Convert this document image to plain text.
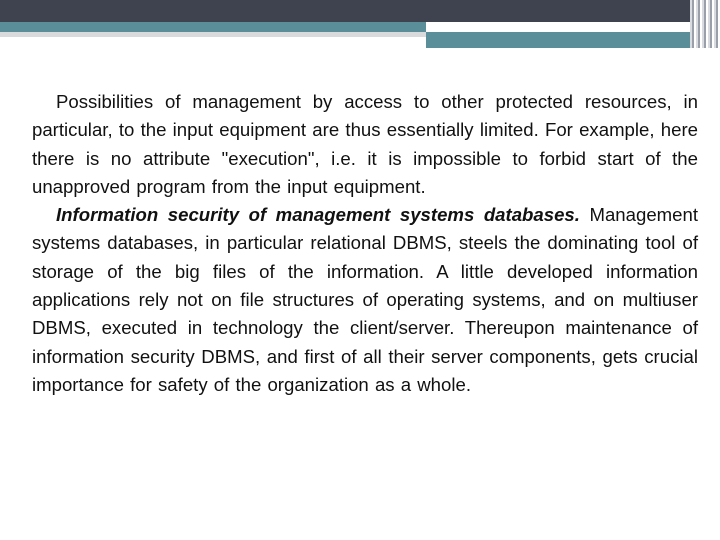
Possibilities of management by access to other protected resources, in particular, to the input equipment are thus essentially limited. For example, here there is no attribute "execution", i.e. it is impossible to forbid start of the unapproved program from the input equipment.

Information security of management systems databases. Management systems databases, in particular relational DBMS, steels the dominating tool of storage of the big files of the information. A little developed information applications rely not on file structures of operating systems, and on multiuser DBMS, executed in technology the client/server. Thereupon maintenance of information security DBMS, and first of all their server components, gets crucial importance for safety of the organization as a whole.
